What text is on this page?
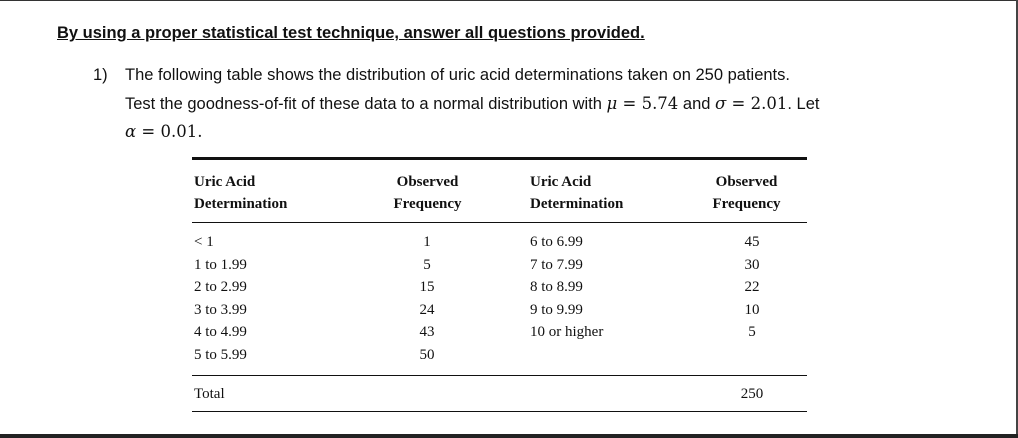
By using a proper statistical test technique, answer all questions provided.
1) The following table shows the distribution of uric acid determinations taken on 250 patients.
Test the goodness-of-fit of these data to a normal distribution with μ = 5.74 and σ = 2.01. Let
α = 0.01.
Uric Acid
Determination
Observed
Frequency
Uric Acid
Determination
Observed
Frequency
< 1
1 to 1.99
2 to 2.99
3 to 3.99
4 to 4.99
5 to 5.99
1
5
15
24
43
50
6 to 6.99
7 to 7.99
8 to 8.99
9 to 9.99
10 or higher
45
30
22
10
5
Total	250
